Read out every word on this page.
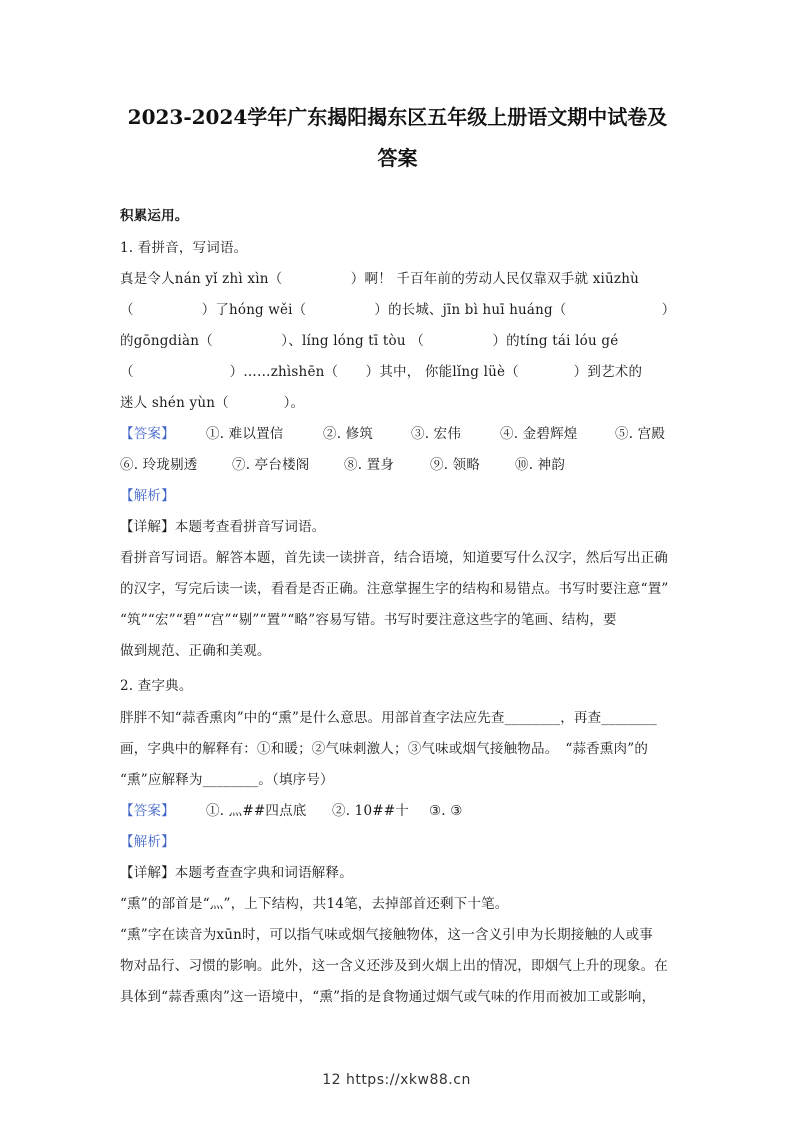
2023-2024学年广东揭阳揭东区五年级上册语文期中试卷及
答案
积累运用。
1. 看拼音，写词语。
真是令人nán yǐ zhì xìn（　　　　　）啊！ 千百年前的劳动人民仅靠双手就 xiūzhù
（　　　　　）了hóng wěi（　　　　　）的长城、jīn bì huī huáng（　　　　　　　）
的gōngdiàn（　　　　　）、líng lóng tī tòu （　　　　　）的tíng tái lóu gé
（　　　　　　　）……zhìshēn（　　）其中， 你能lǐng lüè（　　　　）到艺术的
迷人 shén yùn（　　　　）。
【答案】 ①. 难以置信	②. 修筑	③. 宏伟	④. 金碧辉煌	⑤. 宫殿
⑥. 玲珑剔透	⑦. 亭台楼阁	⑧. 置身	⑨. 领略	⑩. 神韵
【解析】
【详解】本题考查看拼音写词语。
看拼音写词语。解答本题，首先读一读拼音，结合语境，知道要写什么汉字，然后写出正确
的汉字，写完后读一读，看看是否正确。注意掌握生字的结构和易错点。书写时要注意“置”
“筑”“宏”“碧”“宫”“剔”“置”“略”容易写错。书写时要注意这些字的笔画、结构，要
做到规范、正确和美观。
2. 查字典。
胖胖不知“蒜香熏肉”中的“熏”是什么意思。用部首查字法应先查________，再查________
画，字典中的解释有：①和暖；②气味刺激人；③气味或烟气接触物品。　“蒜香熏肉”的
“熏”应解释为________。（填序号）
【答案】 ①. 灬##四点底 ②. 10##十 ③. ③
【解析】
【详解】本题考查查字典和词语解释。
“熏”的部首是“灬”，上下结构，共14笔，去掉部首还剩下十笔。
“熏”字在读音为xūn时，可以指气味或烟气接触物体，这一含义引申为长期接触的人或事
物对品行、习惯的影响。此外，这一含义还涉及到火烟上出的情况，即烟气上升的现象。在
具体到“蒜香熏肉”这一语境中，“熏”指的是食物通过烟气或气味的作用而被加工或影响，
12 https://xkw88.cn
